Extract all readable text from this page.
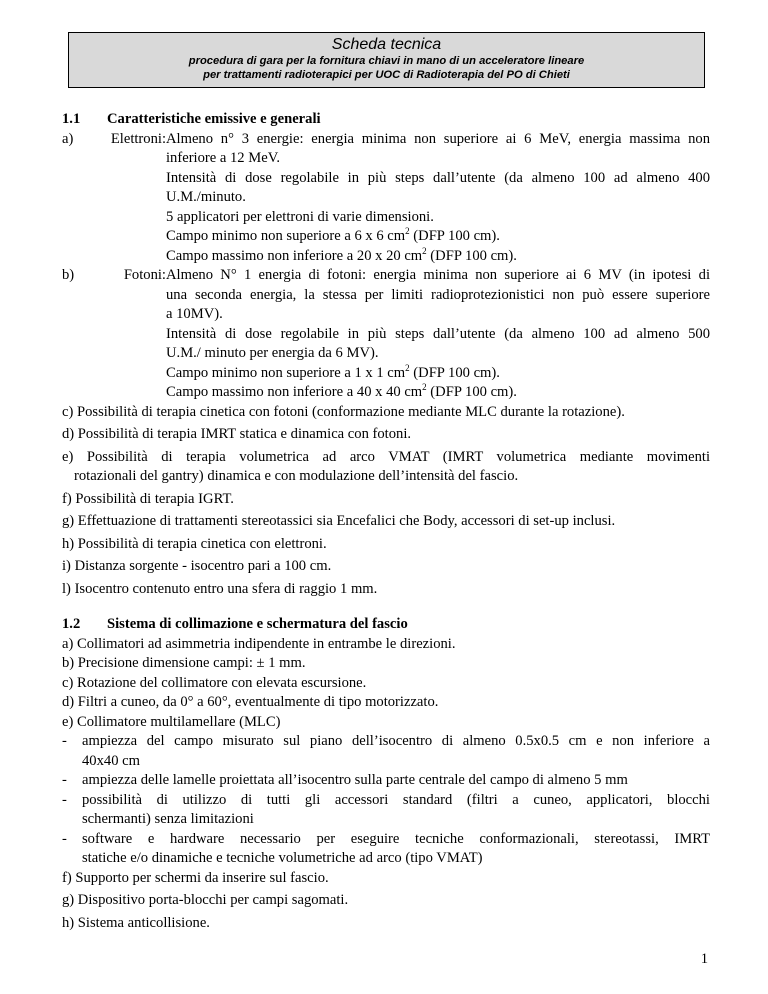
Scheda tecnica
procedura di gara per la fornitura chiavi in mano di un acceleratore lineare
per trattamenti radioterapici per UOC di Radioterapia del PO di Chieti
1.1 Caratteristiche emissive e generali
a) Elettroni:Almeno n° 3 energie: energia minima non superiore ai 6 MeV, energia massima non
inferiore a 12 MeV.
Intensità di dose regolabile in più steps dall’utente (da almeno 100 ad almeno 400
U.M./minuto.
5 applicatori per elettroni di varie dimensioni.
Campo minimo non superiore a 6 x 6 $cm^2$ (DFP 100 cm).
Campo massimo non inferiore a 20 x 20 $cm^2$ (DFP 100 cm).
b) Fotoni:Almeno N° 1 energia di fotoni: energia minima non superiore ai 6 MV (in ipotesi di
una seconda energia, la stessa per limiti radioprotezionistici non può essere superiore
a 10MV).
Intensità di dose regolabile in più steps dall’utente (da almeno 100 ad almeno 500
U.M./ minuto per energia da 6 MV).
Campo minimo non superiore a 1 x 1 $cm^2$ (DFP 100 cm).
Campo massimo non inferiore a 40 x 40 $cm^2$ (DFP 100 cm).
c) Possibilità di terapia cinetica con fotoni (conformazione mediante MLC durante la rotazione).
d) Possibilità di terapia IMRT statica e dinamica con fotoni.
e) Possibilità di terapia volumetrica ad arco VMAT (IMRT volumetrica mediante movimenti
rotazionali del gantry) dinamica e con modulazione dell’intensità del fascio.
f) Possibilità di terapia IGRT.
g) Effettuazione di trattamenti stereotassici sia Encefalici che Body, accessori di set-up inclusi.
h) Possibilità di terapia cinetica con elettroni.
i) Distanza sorgente - isocentro pari a 100 cm.
l) Isocentro contenuto entro una sfera di raggio 1 mm.
1.2 Sistema di collimazione e schermatura del fascio
a) Collimatori ad asimmetria indipendente in entrambe le direzioni.
b) Precisione dimensione campi: ± 1 mm.
c) Rotazione del collimatore con elevata escursione.
d) Filtri a cuneo, da 0° a 60°, eventualmente di tipo motorizzato.
e) Collimatore multilamellare (MLC)
- ampiezza del campo misurato sul piano dell’isocentro di almeno 0.5x0.5 cm e non inferiore a
40x40 cm
- ampiezza delle lamelle proiettata all’isocentro sulla parte centrale del campo di almeno 5 mm
- possibilità di utilizzo di tutti gli accessori standard (filtri a cuneo, applicatori, blocchi
schermanti) senza limitazioni
- software e hardware necessario per eseguire tecniche conformazionali, stereotassi, IMRT
statiche e/o dinamiche e tecniche volumetriche ad arco (tipo VMAT)
f) Supporto per schermi da inserire sul fascio.
g) Dispositivo porta-blocchi per campi sagomati.
h) Sistema anticollisione.
1
